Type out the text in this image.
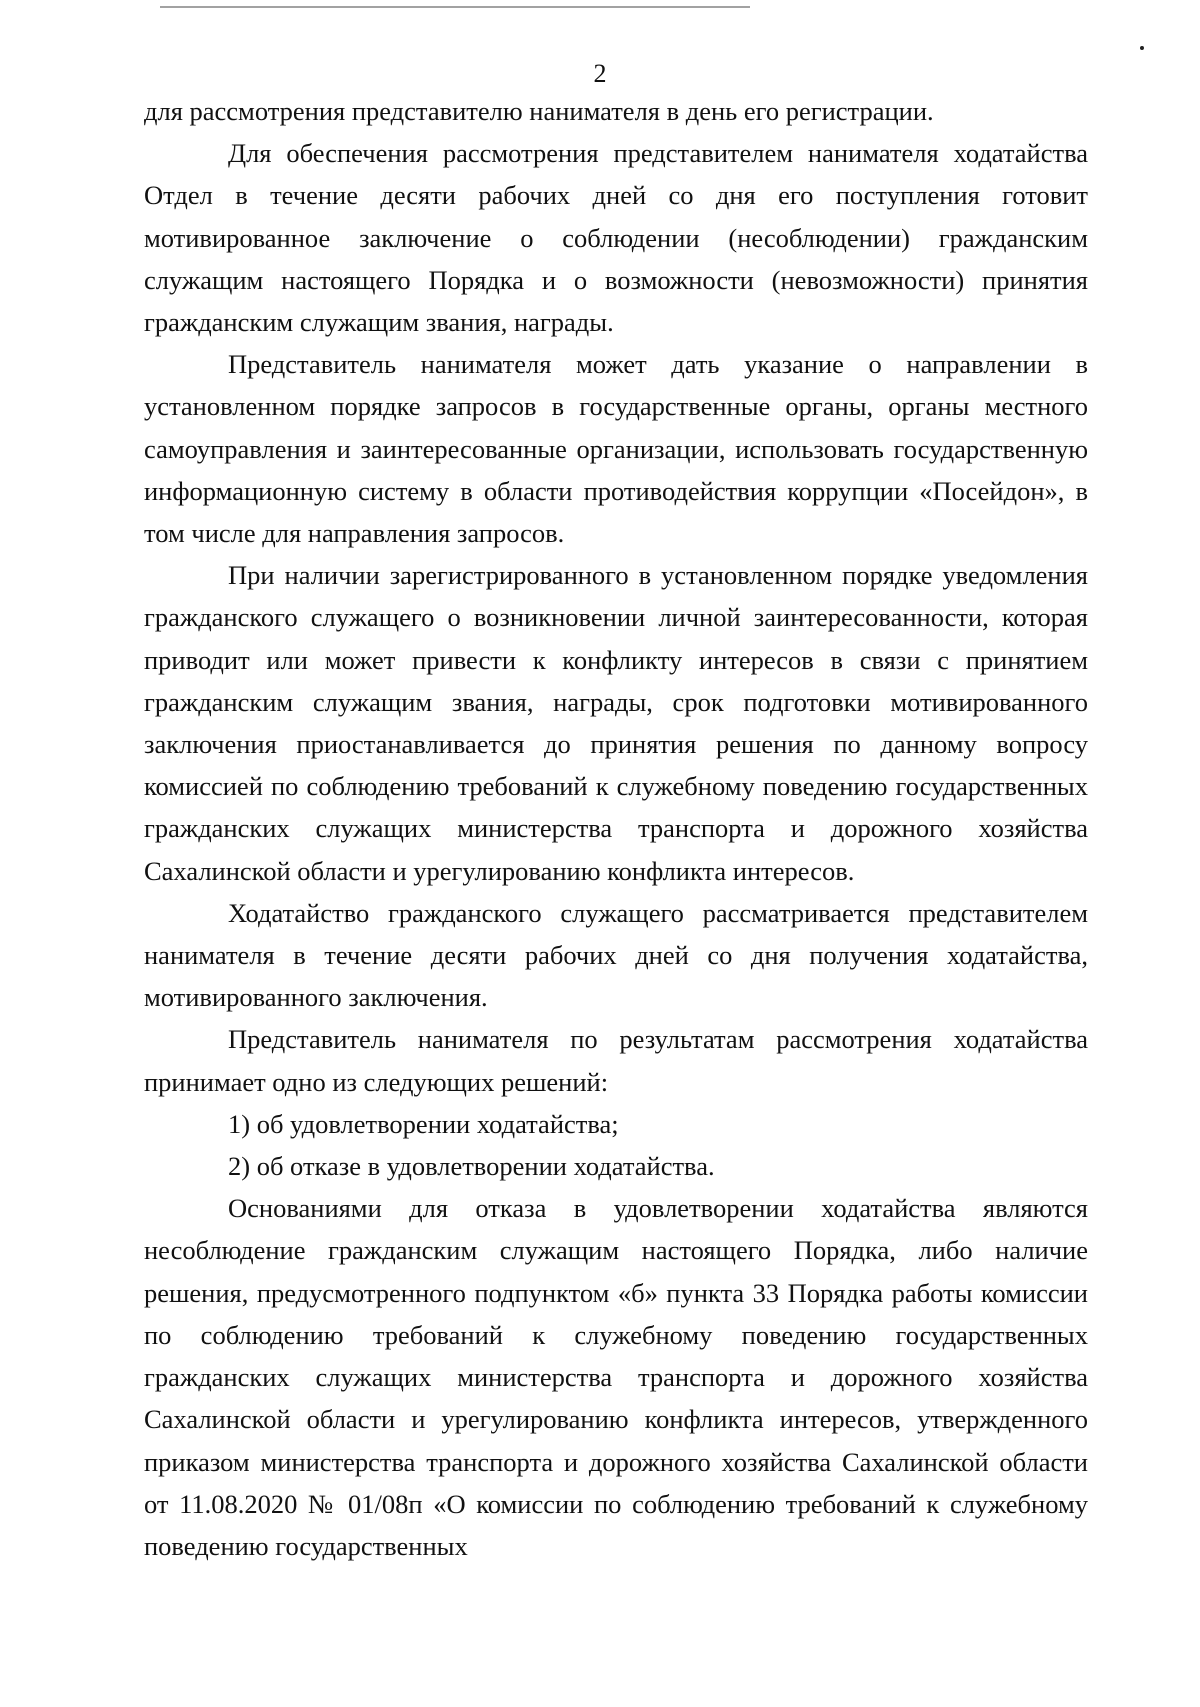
2

для рассмотрения представителю нанимателя в день его регистрации.

Для обеспечения рассмотрения представителем нанимателя ходатайства Отдел в течение десяти рабочих дней со дня его поступления готовит мотивированное заключение о соблюдении (несоблюдении) гражданским служащим настоящего Порядка и о возможности (невозможности) принятия гражданским служащим звания, награды.

Представитель нанимателя может дать указание о направлении в установленном порядке запросов в государственные органы, органы местного самоуправления и заинтересованные организации, использовать государственную информационную систему в области противодействия коррупции «Посейдон», в том числе для направления запросов.

При наличии зарегистрированного в установленном порядке уведомления гражданского служащего о возникновении личной заинтересованности, которая приводит или может привести к конфликту интересов в связи с принятием гражданским служащим звания, награды, срок подготовки мотивированного заключения приостанавливается до принятия решения по данному вопросу комиссией по соблюдению требований к служебному поведению государственных гражданских служащих министерства транспорта и дорожного хозяйства Сахалинской области и урегулированию конфликта интересов.

Ходатайство гражданского служащего рассматривается представителем нанимателя в течение десяти рабочих дней со дня получения ходатайства, мотивированного заключения.

Представитель нанимателя по результатам рассмотрения ходатайства принимает одно из следующих решений:

1) об удовлетворении ходатайства;

2) об отказе в удовлетворении ходатайства.

Основаниями для отказа в удовлетворении ходатайства являются несоблюдение гражданским служащим настоящего Порядка, либо наличие решения, предусмотренного подпунктом «б» пункта 33 Порядка работы комиссии по соблюдению требований к служебному поведению государственных гражданских служащих министерства транспорта и дорожного хозяйства Сахалинской области и урегулированию конфликта интересов, утвержденного приказом министерства транспорта и дорожного хозяйства Сахалинской области от 11.08.2020 № 01/08п «О комиссии по соблюдению требований к служебному поведению государственных
